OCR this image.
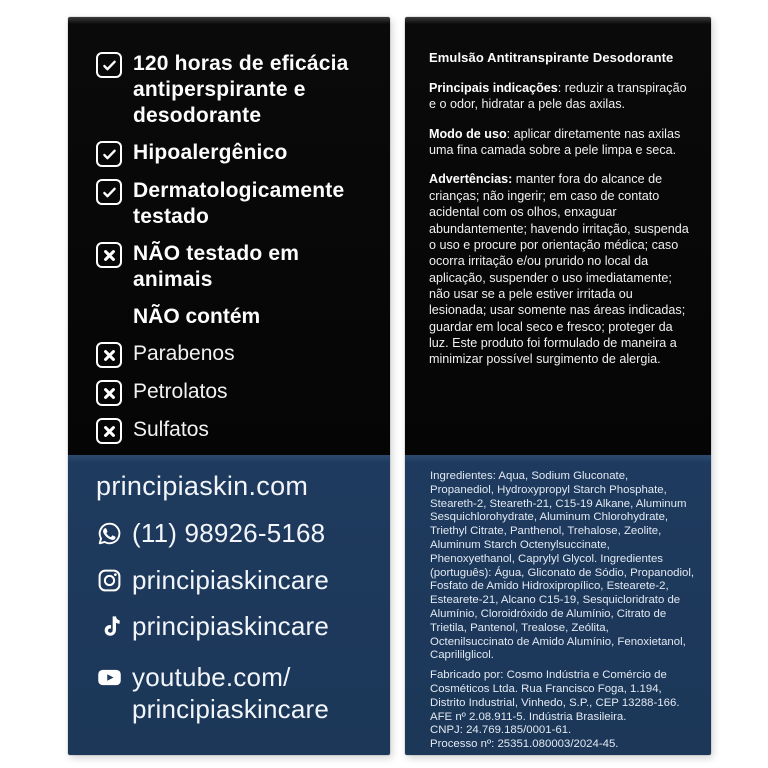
120 horas de eficácia antiperspirante e desodorante
Hipoalergênico
Dermatologicamente testado
NÃO testado em animais
NÃO contém
Parabenos
Petrolatos
Sulfatos
principiaskin.com
(11) 98926-5168
principiaskincare
principiaskincare
youtube.com/
principiaskincare
Emulsão Antitranspirante Desodorante

Principais indicações: reduzir a transpiração e o odor, hidratar a pele das axilas.

Modo de uso: aplicar diretamente nas axilas uma fina camada sobre a pele limpa e seca.

Advertências: manter fora do alcance de crianças; não ingerir; em caso de contato acidental com os olhos, enxaguar abundantemente; havendo irritação, suspenda o uso e procure por orientação médica; caso ocorra irritação e/ou prurido no local da aplicação, suspender o uso imediatamente; não usar se a pele estiver irritada ou lesionada; usar somente nas áreas indicadas; guardar em local seco e fresco; proteger da luz. Este produto foi formulado de maneira a minimizar possível surgimento de alergia.

Ingredientes: Aqua, Sodium Gluconate, Propanediol, Hydroxypropyl Starch Phosphate, Steareth-2, Steareth-21, C15-19 Alkane, Aluminum Sesquichlorohydrate, Aluminum Chlorohydrate, Triethyl Citrate, Panthenol, Trehalose, Zeolite, Aluminum Starch Octenylsuccinate, Phenoxyethanol, Caprylyl Glycol. Ingredientes (português): Água, Gliconato de Sódio, Propanodiol, Fosfato de Amido Hidroxipropílico, Estearete-2, Estearete-21, Alcano C15-19, Sesquicloridrato de Alumínio, Cloroidróxido de Alumínio, Citrato de Trietila, Pantenol, Trealose, Zeólita, Octenilsuccinato de Amido Alumínio, Fenoxietanol, Caprililglicol.

Fabricado por: Cosmo Indústria e Comércio de Cosméticos Ltda. Rua Francisco Foga, 1.194, Distrito Industrial, Vinhedo, S.P., CEP 13288-166. AFE nº 2.08.911-5. Indústria Brasileira.

CNPJ: 24.769.185/0001-61.
Processo nº: 25351.080003/2024-45.
